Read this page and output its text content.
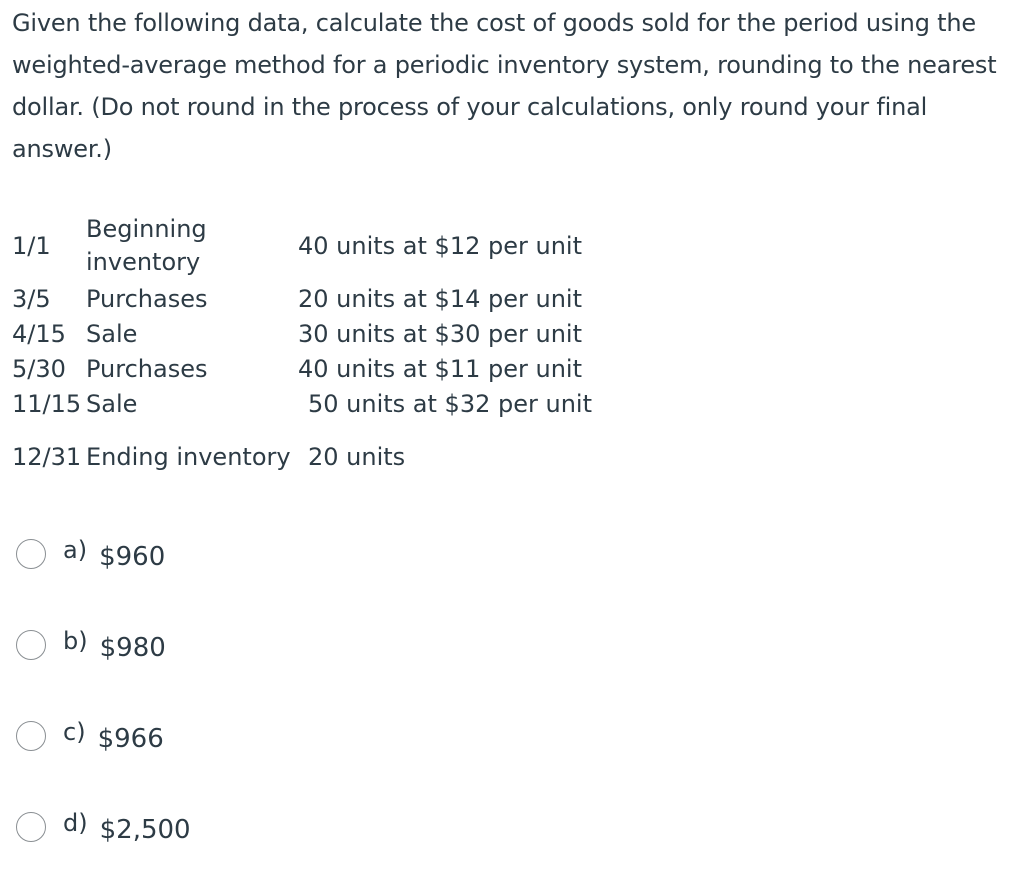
Given the following data, calculate the cost of goods sold for the period using the weighted-average method for a periodic inventory system, rounding to the nearest dollar. (Do not round in the process of your calculations, only round your final answer.)
1/1	Beginning inventory	40 units at $12 per unit
3/5	Purchases	20 units at $14 per unit
4/15	Sale	30 units at $30 per unit
5/30	Purchases	40 units at $11 per unit
11/15	Sale	50 units at $32 per unit
12/31	Ending inventory	20 units
a) $960
b) $980
c) $966
d) $2,500
